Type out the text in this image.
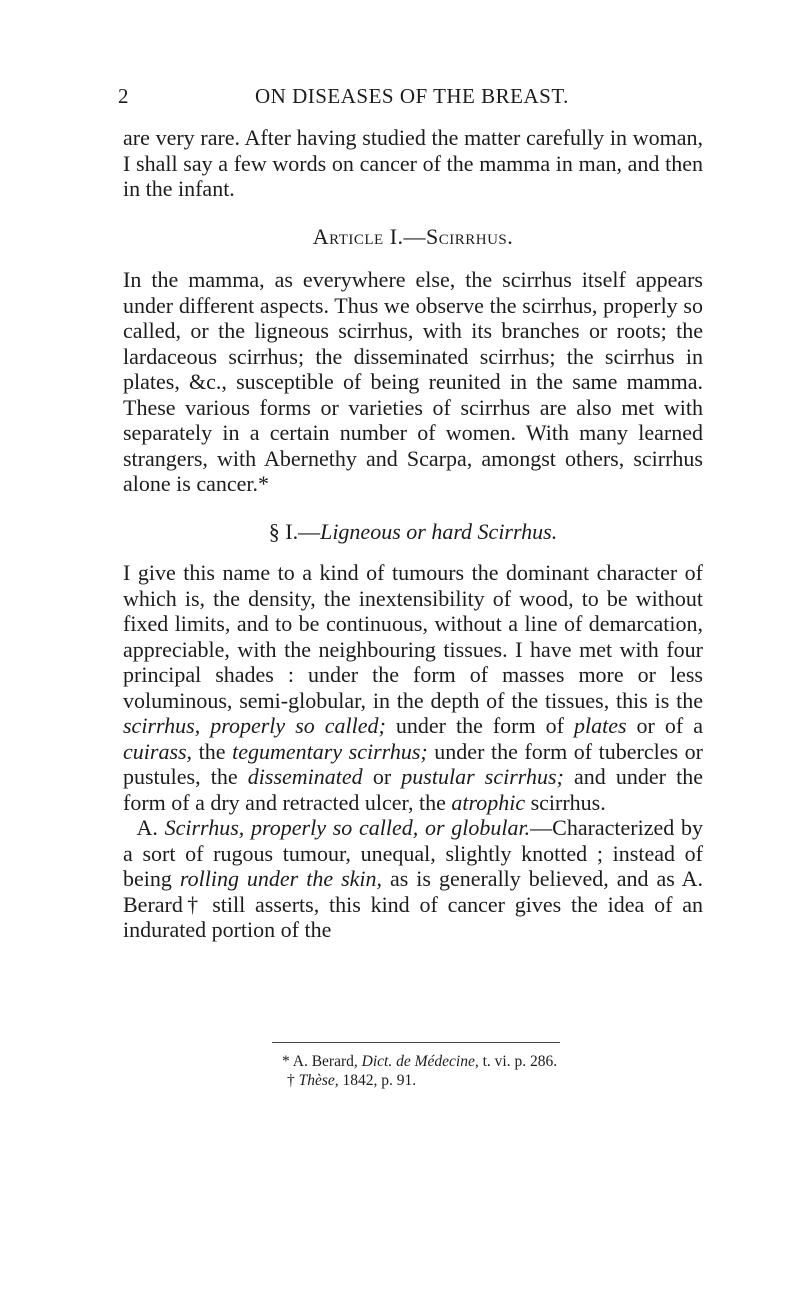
2	ON DISEASES OF THE BREAST.

are very rare. After having studied the matter carefully in woman, I shall say a few words on cancer of the mamma in man, and then in the infant.

Article I.—Scirrhus.

In the mamma, as everywhere else, the scirrhus itself appears under different aspects. Thus we observe the scirrhus, properly so called, or the ligneous scirrhus, with its branches or roots; the lardaceous scirrhus; the disseminated scirrhus; the scirrhus in plates, &c., susceptible of being reunited in the same mamma. These various forms or varieties of scirrhus are also met with separately in a certain number of women. With many learned strangers, with Abernethy and Scarpa, amongst others, scirrhus alone is cancer.*

§ I.—Ligneous or hard Scirrhus.

I give this name to a kind of tumours the dominant character of which is, the density, the inextensibility of wood, to be without fixed limits, and to be continuous, without a line of demarcation, appreciable, with the neighbouring tissues. I have met with four principal shades : under the form of masses more or less voluminous, semi-globular, in the depth of the tissues, this is the scirrhus, properly so called; under the form of plates or of a cuirass, the tegumentary scirrhus; under the form of tubercles or pustules, the disseminated or pustular scirrhus; and under the form of a dry and retracted ulcer, the atrophic scirrhus.

A. Scirrhus, properly so called, or globular.—Characterized by a sort of rugous tumour, unequal, slightly knotted ; instead of being rolling under the skin, as is generally believed, and as A. Berard† still asserts, this kind of cancer gives the idea of an indurated portion of the

* A. Berard, Dict. de Médecine, t. vi. p. 286.
† Thèse, 1842, p. 91.
